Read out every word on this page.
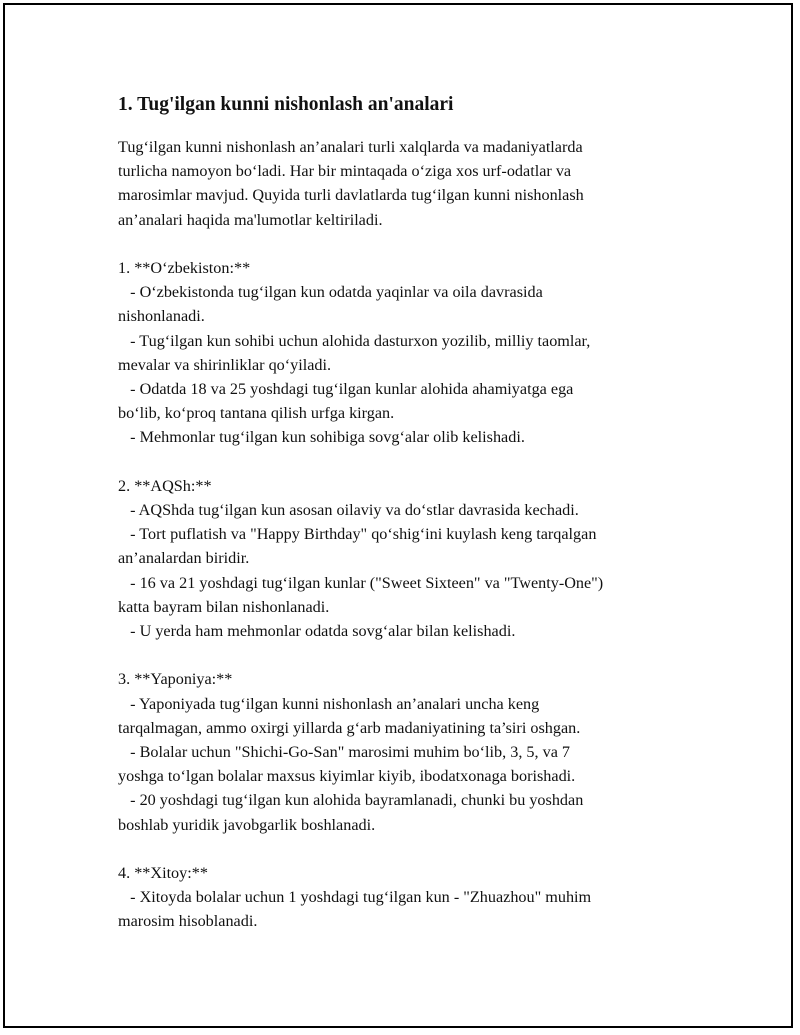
1. Tug'ilgan kunni nishonlash an'analari
Tug‘ilgan kunni nishonlash an’analari turli xalqlarda va madaniyatlarda
turlicha namoyon bo‘ladi. Har bir mintaqada o‘ziga xos urf-odatlar va
marosimlar mavjud. Quyida turli davlatlarda tug‘ilgan kunni nishonlash
an’analari haqida ma'lumotlar keltiriladi.
1. **O‘zbekiston:**
- O‘zbekistonda tug‘ilgan kun odatda yaqinlar va oila davrasida
nishonlanadi.
- Tug‘ilgan kun sohibi uchun alohida dasturxon yozilib, milliy taomlar,
mevalar va shirinliklar qo‘yiladi.
- Odatda 18 va 25 yoshdagi tug‘ilgan kunlar alohida ahamiyatga ega
bo‘lib, ko‘proq tantana qilish urfga kirgan.
- Mehmonlar tug‘ilgan kun sohibiga sovg‘alar olib kelishadi.
2. **AQSh:**
- AQShda tug‘ilgan kun asosan oilaviy va do‘stlar davrasida kechadi.
- Tort puflatish va "Happy Birthday" qo‘shig‘ini kuylash keng tarqalgan
an’analardan biridir.
- 16 va 21 yoshdagi tug‘ilgan kunlar ("Sweet Sixteen" va "Twenty-One")
katta bayram bilan nishonlanadi.
- U yerda ham mehmonlar odatda sovg‘alar bilan kelishadi.
3. **Yaponiya:**
- Yaponiyada tug‘ilgan kunni nishonlash an’analari uncha keng
tarqalmagan, ammo oxirgi yillarda g‘arb madaniyatining ta’siri oshgan.
- Bolalar uchun "Shichi-Go-San" marosimi muhim bo‘lib, 3, 5, va 7
yoshga to‘lgan bolalar maxsus kiyimlar kiyib, ibodatxonaga borishadi.
- 20 yoshdagi tug‘ilgan kun alohida bayramlanadi, chunki bu yoshdan
boshlab yuridik javobgarlik boshlanadi.
4. **Xitoy:**
- Xitoyda bolalar uchun 1 yoshdagi tug‘ilgan kun - "Zhuazhou" muhim
marosim hisoblanadi.
